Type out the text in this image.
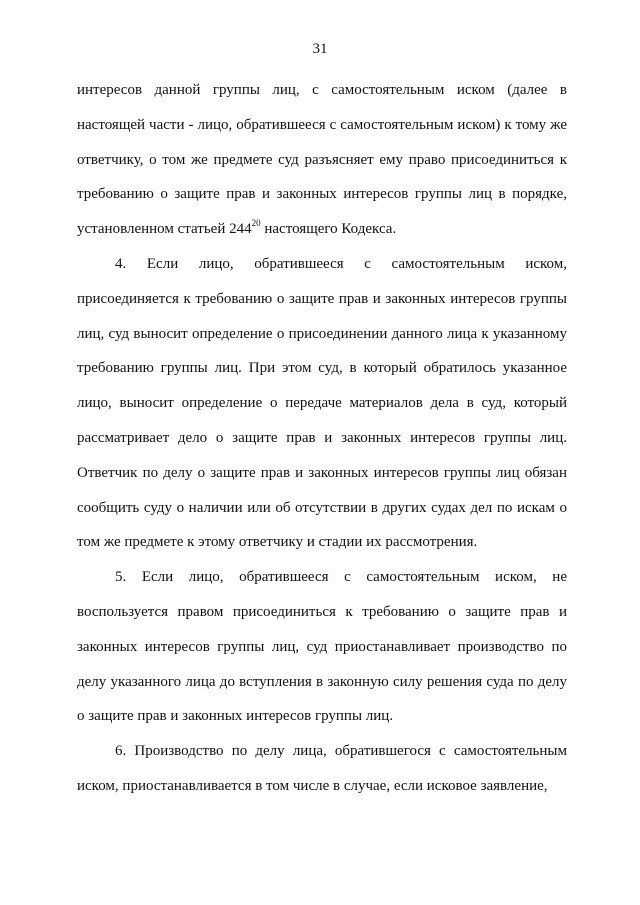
31

интересов данной группы лиц, с самостоятельным иском (далее в настоящей части - лицо, обратившееся с самостоятельным иском) к тому же ответчику, о том же предмете суд разъясняет ему право присоединиться к требованию о защите прав и законных интересов группы лиц в порядке, установленном статьей $244^{20}$ настоящего Кодекса.

4. Если лицо, обратившееся с самостоятельным иском, присоединяется к требованию о защите прав и законных интересов группы лиц, суд выносит определение о присоединении данного лица к указанному требованию группы лиц. При этом суд, в который обратилось указанное лицо, выносит определение о передаче материалов дела в суд, который рассматривает дело о защите прав и законных интересов группы лиц. Ответчик по делу о защите прав и законных интересов группы лиц обязан сообщить суду о наличии или об отсутствии в других судах дел по искам о том же предмете к этому ответчику и стадии их рассмотрения.

5. Если лицо, обратившееся с самостоятельным иском, не воспользуется правом присоединиться к требованию о защите прав и законных интересов группы лиц, суд приостанавливает производство по делу указанного лица до вступления в законную силу решения суда по делу о защите прав и законных интересов группы лиц.

6. Производство по делу лица, обратившегося с самостоятельным иском, приостанавливается в том числе в случае, если исковое заявление,
